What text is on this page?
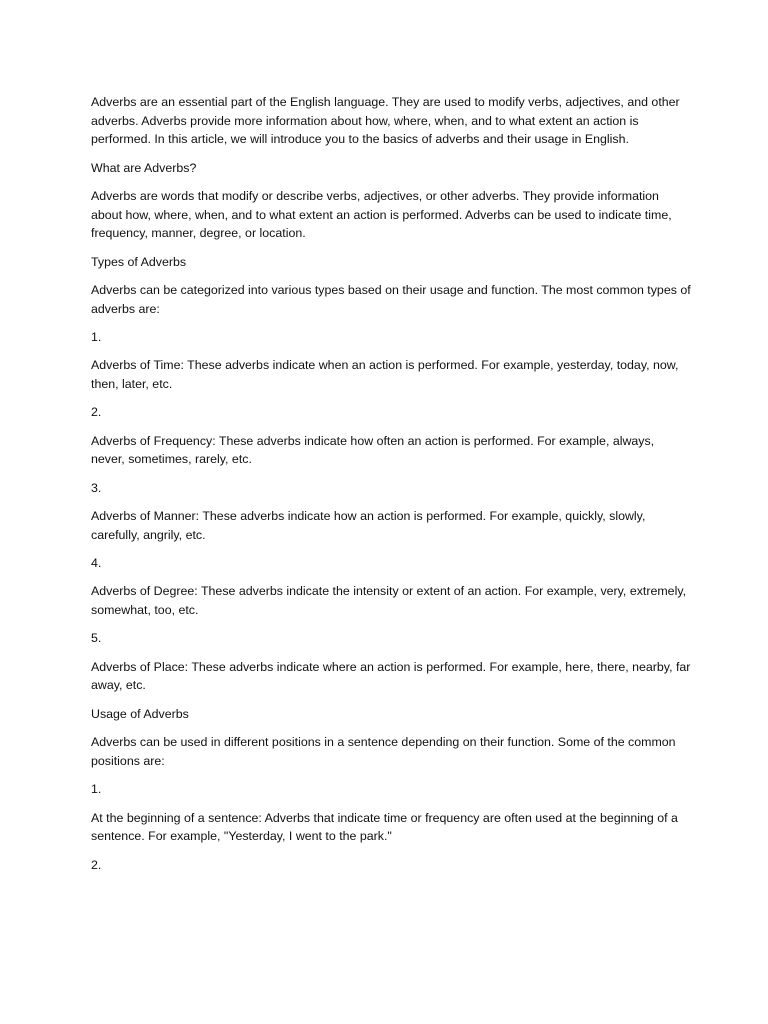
Adverbs are an essential part of the English language. They are used to modify verbs, adjectives, and other adverbs. Adverbs provide more information about how, where, when, and to what extent an action is performed. In this article, we will introduce you to the basics of adverbs and their usage in English.

What are Adverbs?

Adverbs are words that modify or describe verbs, adjectives, or other adverbs. They provide information about how, where, when, and to what extent an action is performed. Adverbs can be used to indicate time, frequency, manner, degree, or location.

Types of Adverbs

Adverbs can be categorized into various types based on their usage and function. The most common types of adverbs are:

1.

Adverbs of Time: These adverbs indicate when an action is performed. For example, yesterday, today, now, then, later, etc.

2.

Adverbs of Frequency: These adverbs indicate how often an action is performed. For example, always, never, sometimes, rarely, etc.

3.

Adverbs of Manner: These adverbs indicate how an action is performed. For example, quickly, slowly, carefully, angrily, etc.

4.

Adverbs of Degree: These adverbs indicate the intensity or extent of an action. For example, very, extremely, somewhat, too, etc.

5.

Adverbs of Place: These adverbs indicate where an action is performed. For example, here, there, nearby, far away, etc.

Usage of Adverbs

Adverbs can be used in different positions in a sentence depending on their function. Some of the common positions are:

1.

At the beginning of a sentence: Adverbs that indicate time or frequency are often used at the beginning of a sentence. For example, "Yesterday, I went to the park."

2.
